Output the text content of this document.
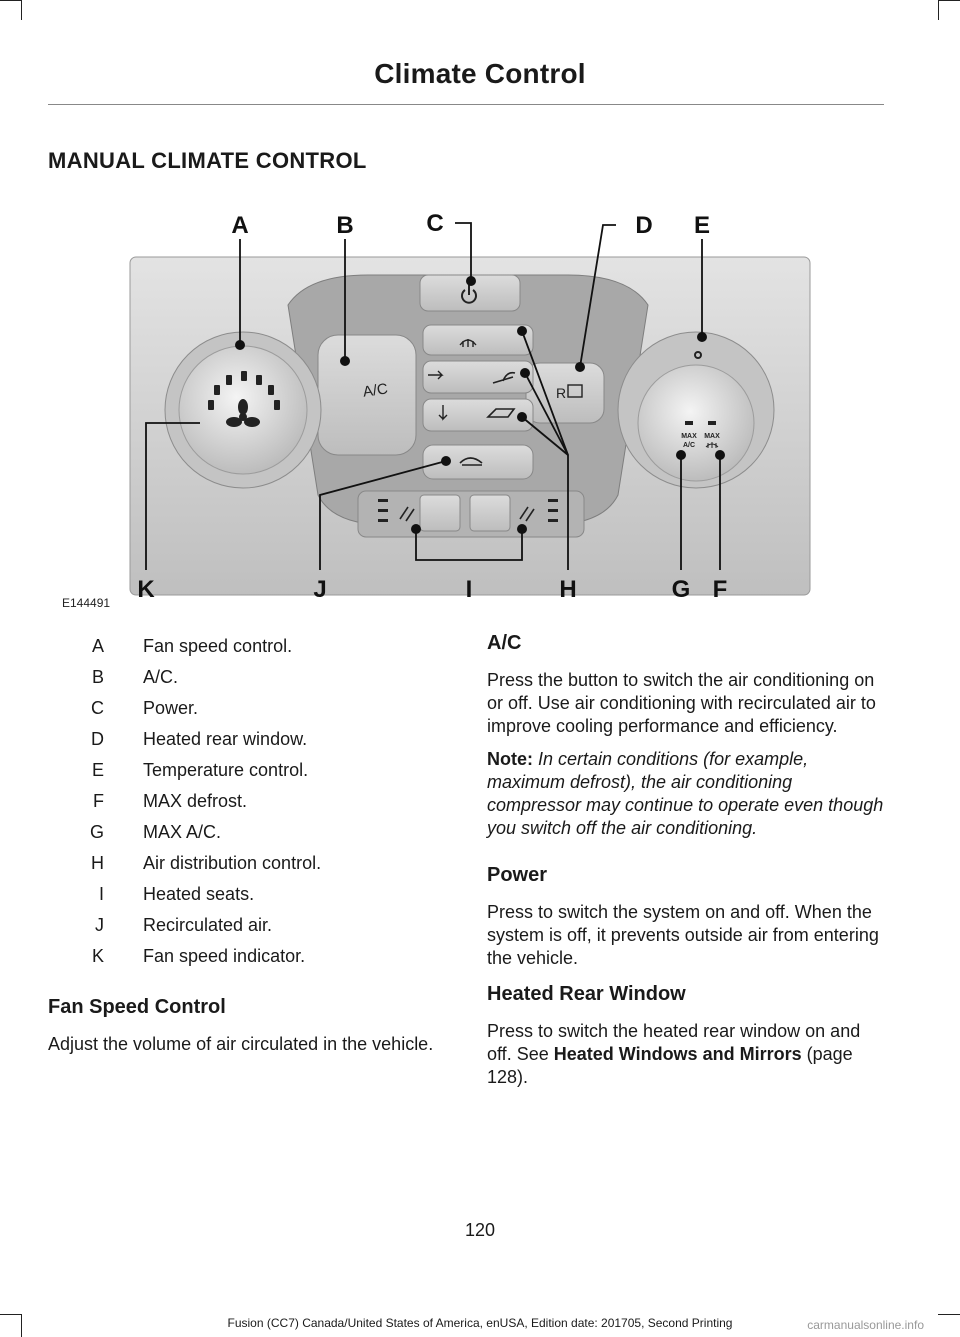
Climate Control
MANUAL CLIMATE CONTROL
MAX MAX
A/C
A/C	R
A	B	C	D E
F
G
H
I
J
K
E144491
A Fan speed control.
B A/C.
C Power.
D Heated rear window.
E Temperature control.
F MAX defrost.
G MAX A/C.
H Air distribution control.
I Heated seats.
J Recirculated air.
K Fan speed indicator.
Fan Speed Control

Adjust the volume of air circulated in the vehicle.

A/C

Press the button to switch the air conditioning on or off. Use air conditioning with recirculated air to improve cooling performance and efficiency.

Note: In certain conditions (for example, maximum defrost), the air conditioning compressor may continue to operate even though you switch off the air conditioning.

Power

Press to switch the system on and off. When the system is off, it prevents outside air from entering the vehicle.

Heated Rear Window

Press to switch the heated rear window on and off. See Heated Windows and Mirrors (page 128).

120
Fusion (CC7) Canada/United States of America, enUSA, Edition date: 201705, Second Printing	carmanualsonline.info
